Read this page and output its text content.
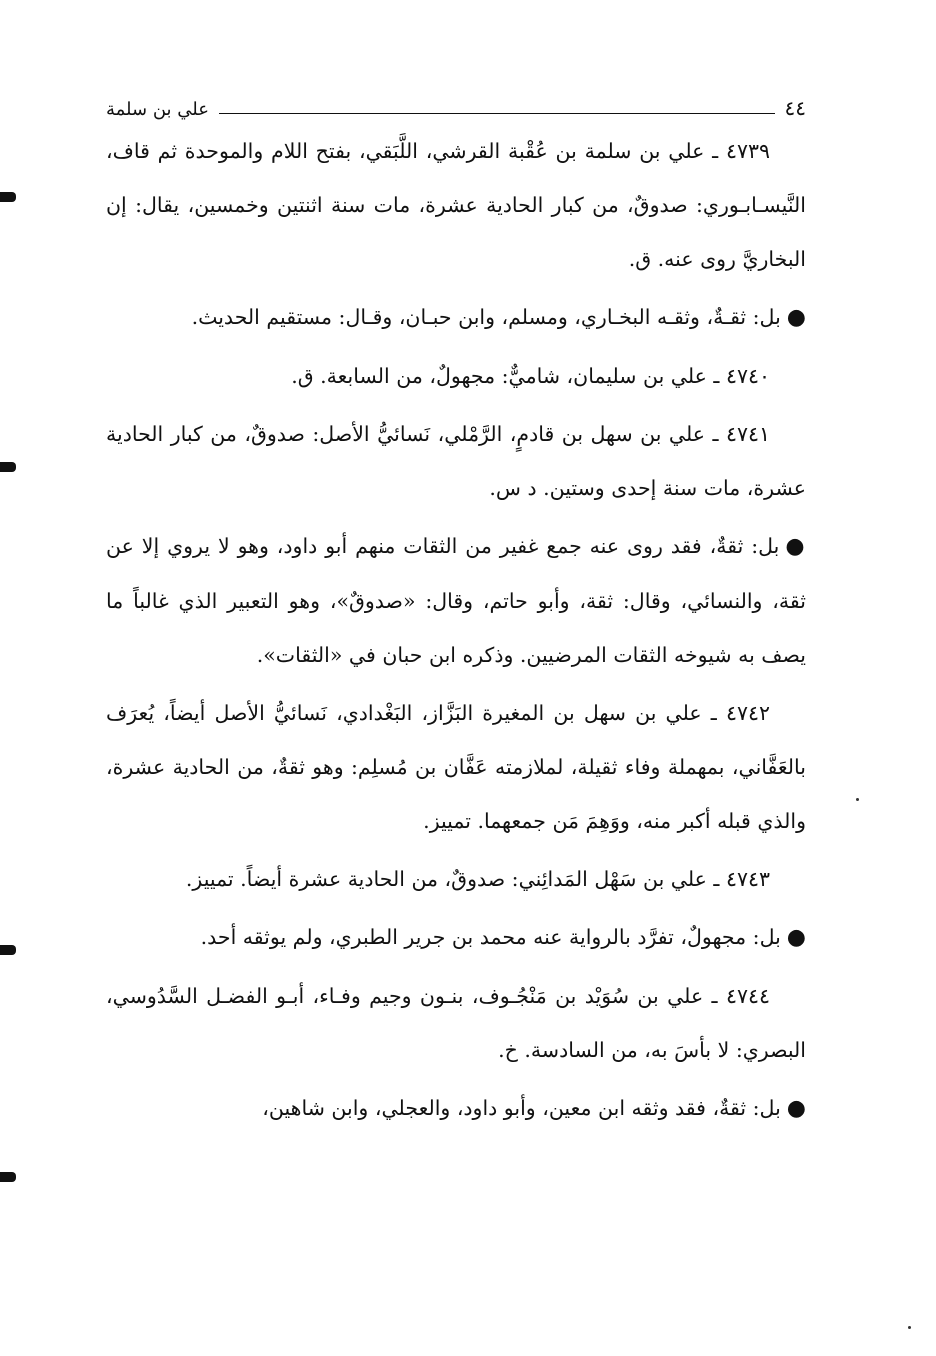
٤٤
علي بن سلمة

٤٧٣٩ ـ علي بن سلمة بن عُقْبة القرشي، اللَّبَقي، بفتح اللام والموحدة ثم قاف، النَّيسـابـوري: صدوقٌ، من كبار الحادية عشرة، مات سنة اثنتين وخمسين، يقال: إن البخاريَّ روى عنه. ق.

●بل: ثقـةٌ، وثقـه البخـاري، ومسلم، وابن حبـان، وقـال: مستقيم الحديث.

٤٧٤٠ ـ علي بن سليمان، شاميٌّ: مجهولٌ، من السابعة. ق.

٤٧٤١ ـ علي بن سهل بن قادمٍ، الرَّمْلي، نَسائيُّ الأصل: صدوقٌ، من كبار الحادية عشرة، مات سنة إحدى وستين. د س.

●بل: ثقةٌ، فقد روى عنه جمع غفير من الثقات منهم أبو داود، وهو لا يروي إلا عن ثقة، والنسائي، وقال: ثقة، وأبو حاتم، وقال: «صدوقٌ»، وهو التعبير الذي غالباً ما يصف به شيوخه الثقات المرضيين. وذكره ابن حبان في «الثقات».

٤٧٤٢ ـ علي بن سهل بن المغيرة البَزَّاز، البَغْدادي، نَسائيُّ الأصل أيضاً، يُعرَف بالعَفَّاني، بمهملة وفاء ثقيلة، لملازمته عَفَّان بن مُسلِم: وهو ثقةٌ، من الحادية عشرة، والذي قبله أكبر منه، ووَهِمَ مَن جمعهما. تمييز.

٤٧٤٣ ـ علي بن سَهْل المَدائِني: صدوقٌ، من الحادية عشرة أيضاً. تمييز.

●بل: مجهولٌ، تفرَّد بالرواية عنه محمد بن جرير الطبري، ولم يوثقه أحد.

٤٧٤٤ ـ علي بن سُوَيْد بن مَنْجُـوف، بنـون وجيم وفـاء، أبـو الفضـل السَّدُوسي، البصري: لا بأسَ به، من السادسة. خ.

●بل: ثقةٌ، فقد وثقه ابن معين، وأبو داود، والعجلي، وابن شاهين،
